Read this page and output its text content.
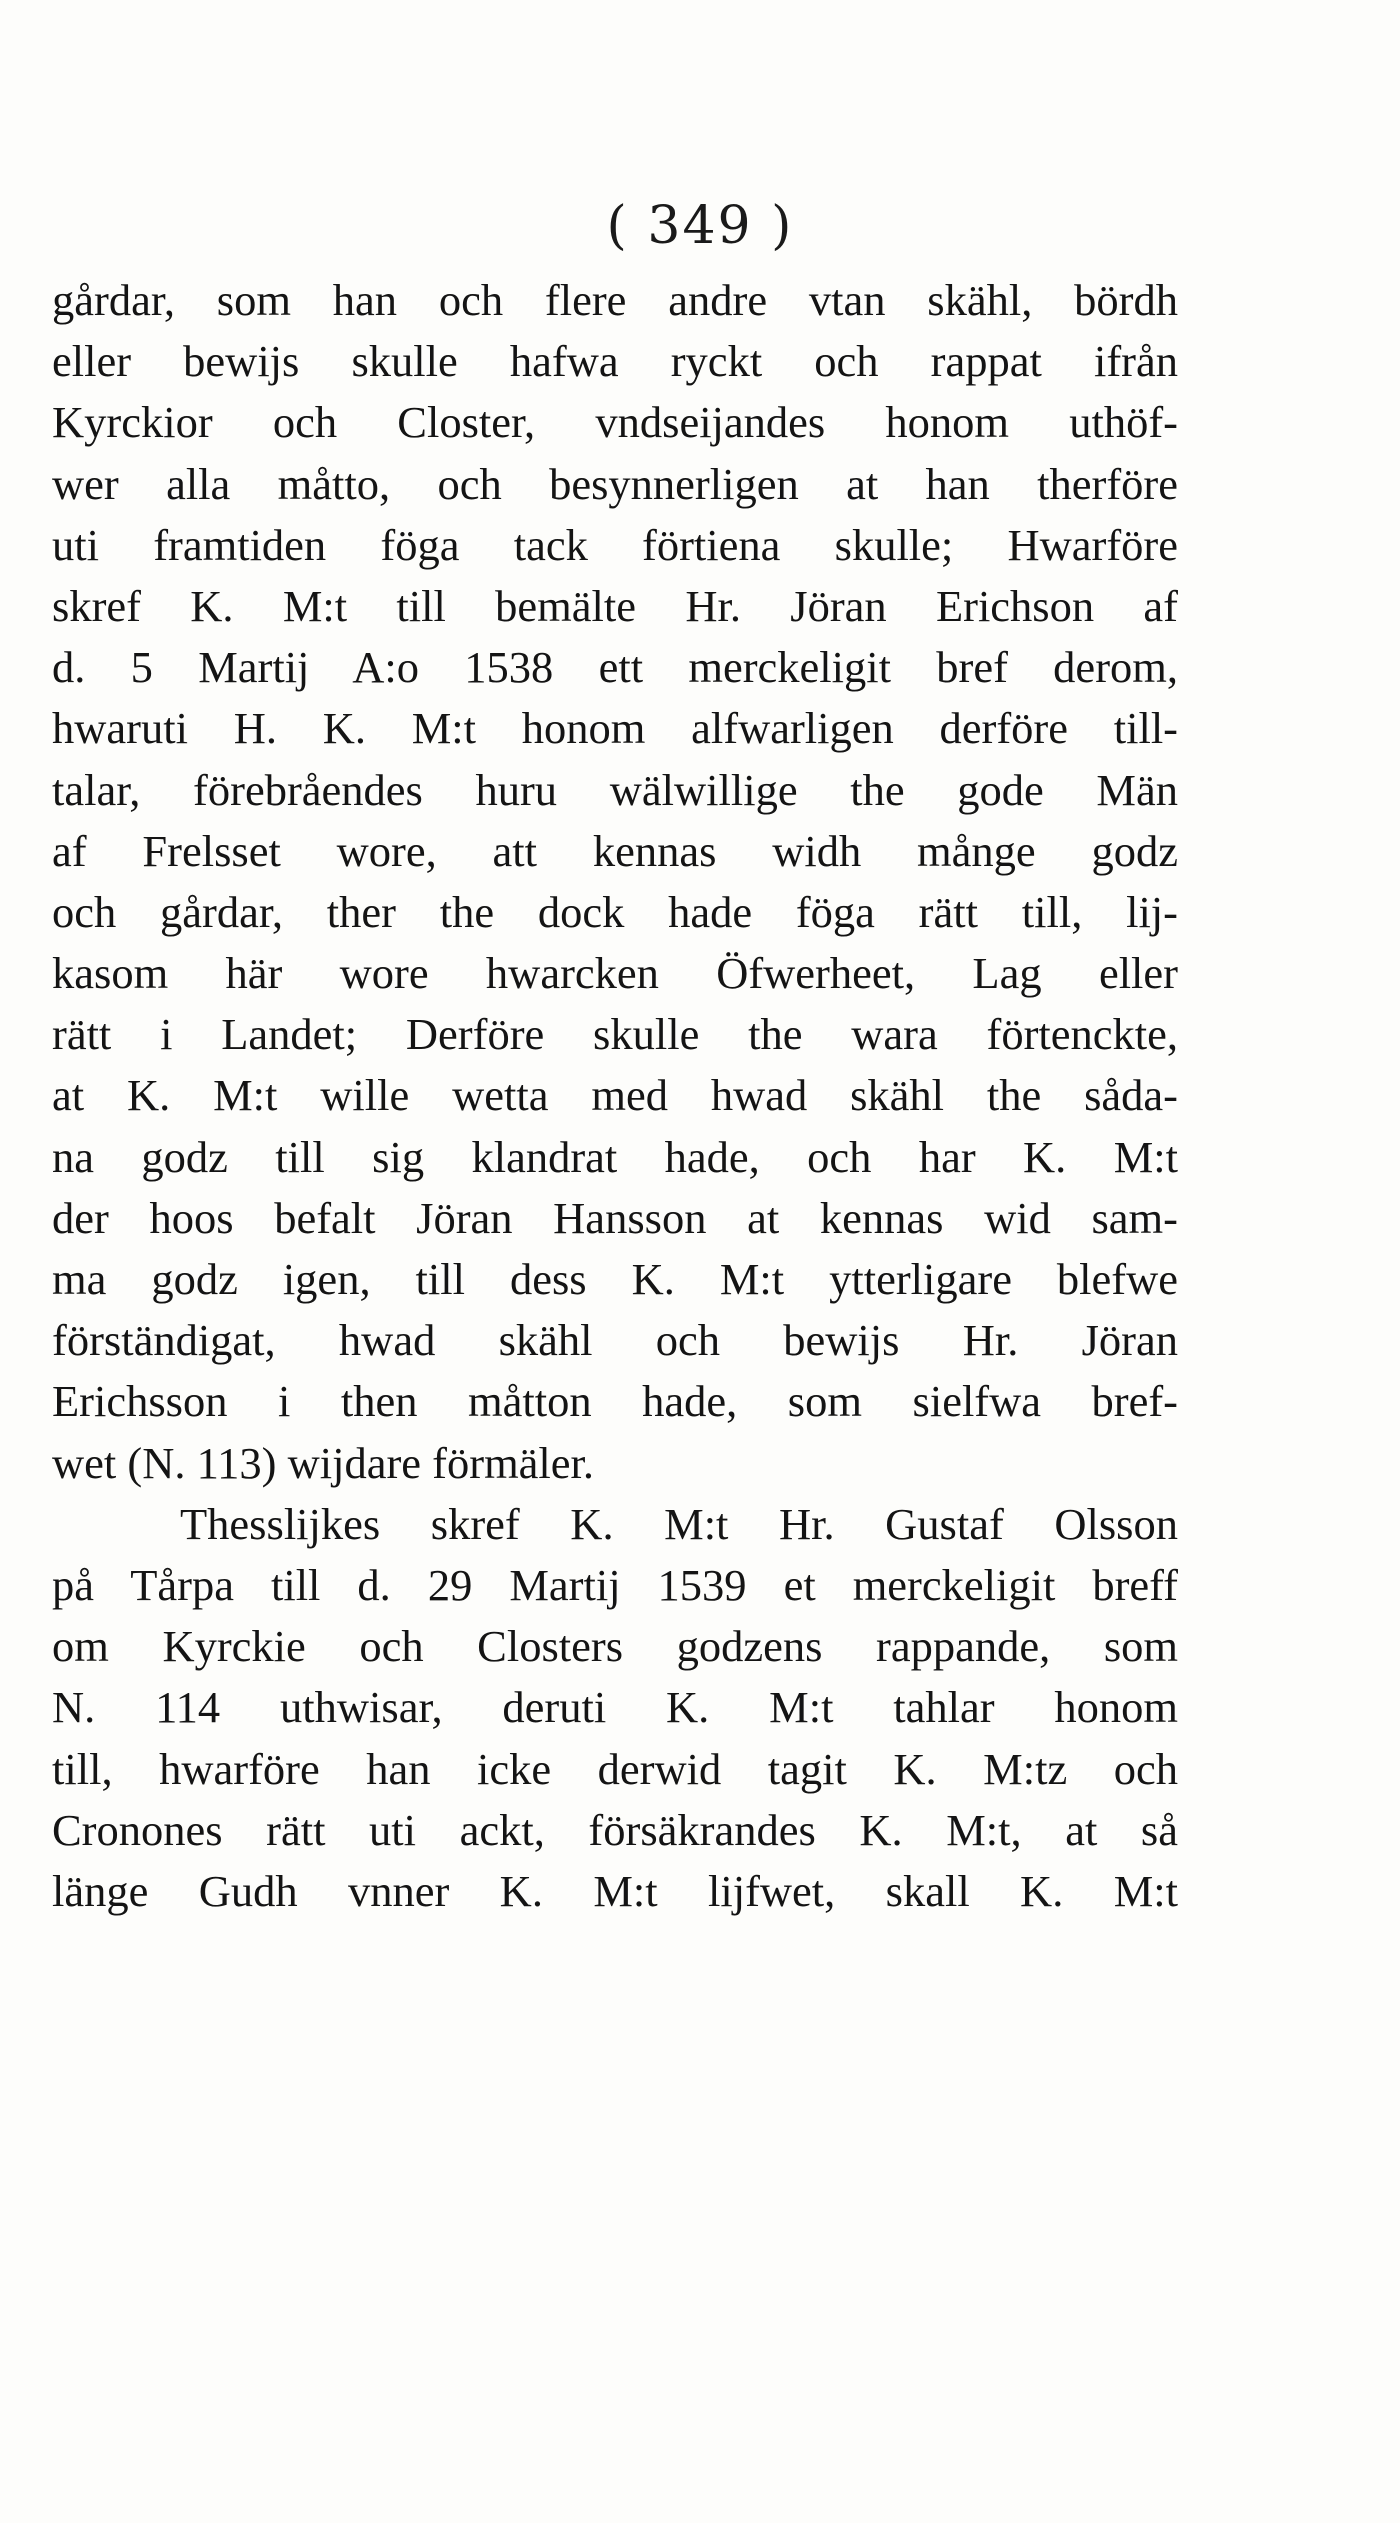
( 349 )
gårdar, som han och flere andre vtan skähl, bördh
eller bewijs skulle hafwa ryckt och rappat ifrån
Kyrckior och Closter, vndseijandes honom uthöf-
wer alla måtto, och besynnerligen at han therföre
uti framtiden föga tack förtiena skulle; Hwarföre
skref K. M:t till bemälte Hr. Jöran Erichson af
d. 5 Martij A:o 1538 ett merckeligit bref derom,
hwaruti H. K. M:t honom alfwarligen derföre till-
talar, förebråendes huru wälwillige the gode Män
af Frelsset wore, att kennas widh månge godz
och gårdar, ther the dock hade föga rätt till, lij-
kasom här wore hwarcken Öfwerheet, Lag eller
rätt i Landet; Derföre skulle the wara förtenckte,
at K. M:t wille wetta med hwad skähl the såda-
na godz till sig klandrat hade, och har K. M:t
der hoos befalt Jöran Hansson at kennas wid sam-
ma godz igen, till dess K. M:t ytterligare blefwe
förständigat, hwad skähl och bewijs Hr. Jöran
Erichsson i then måtton hade, som sielfwa bref-
wet (N. 113) wijdare förmäler.
Thesslijkes skref K. M:t Hr. Gustaf Olsson
på Tårpa till d. 29 Martij 1539 et merckeligit breff
om Kyrckie och Closters godzens rappande, som
N. 114 uthwisar, deruti K. M:t tahlar honom
till, hwarföre han icke derwid tagit K. M:tz och
Cronones rätt uti ackt, försäkrandes K. M:t, at så
länge Gudh vnner K. M:t lijfwet, skall K. M:t
